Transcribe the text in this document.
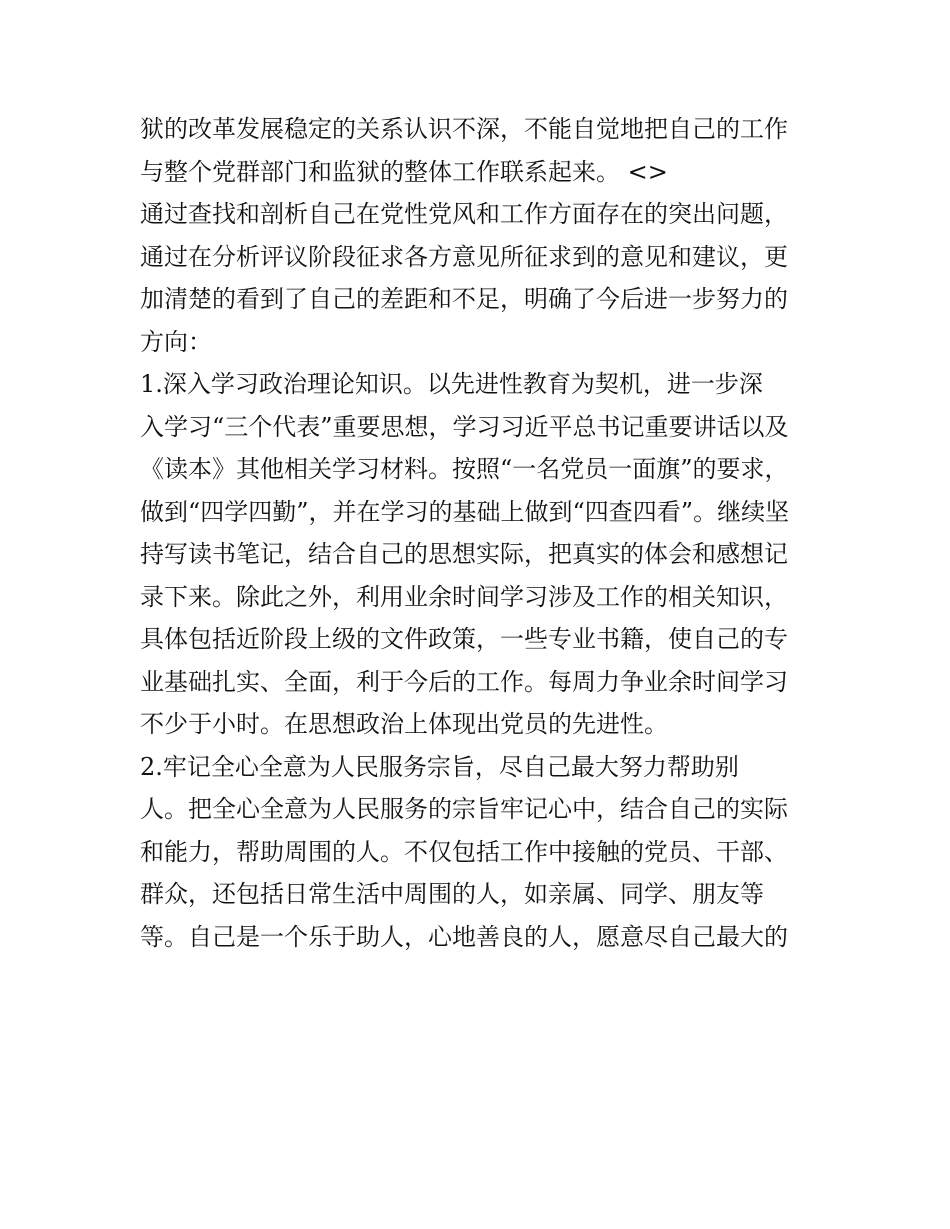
狱的改革发展稳定的关系认识不深，不能自觉地把自己的工作
与整个党群部门和监狱的整体工作联系起来。 <>
通过查找和剖析自己在党性党风和工作方面存在的突出问题，
通过在分析评议阶段征求各方意见所征求到的意见和建议，更
加清楚的看到了自己的差距和不足，明确了今后进一步努力的
方向：
1.深入学习政治理论知识。以先进性教育为契机，进一步深
入学习“三个代表”重要思想，学习习近平总书记重要讲话以及
《读本》其他相关学习材料。按照“一名党员一面旗”的要求，
做到“四学四勤”，并在学习的基础上做到“四查四看”。继续坚
持写读书笔记，结合自己的思想实际，把真实的体会和感想记
录下来。除此之外，利用业余时间学习涉及工作的相关知识，
具体包括近阶段上级的文件政策，一些专业书籍，使自己的专
业基础扎实、全面，利于今后的工作。每周力争业余时间学习
不少于小时。在思想政治上体现出党员的先进性。
2.牢记全心全意为人民服务宗旨，尽自己最大努力帮助别
人。把全心全意为人民服务的宗旨牢记心中，结合自己的实际
和能力，帮助周围的人。不仅包括工作中接触的党员、干部、
群众，还包括日常生活中周围的人，如亲属、同学、朋友等
等。自己是一个乐于助人，心地善良的人，愿意尽自己最大的
